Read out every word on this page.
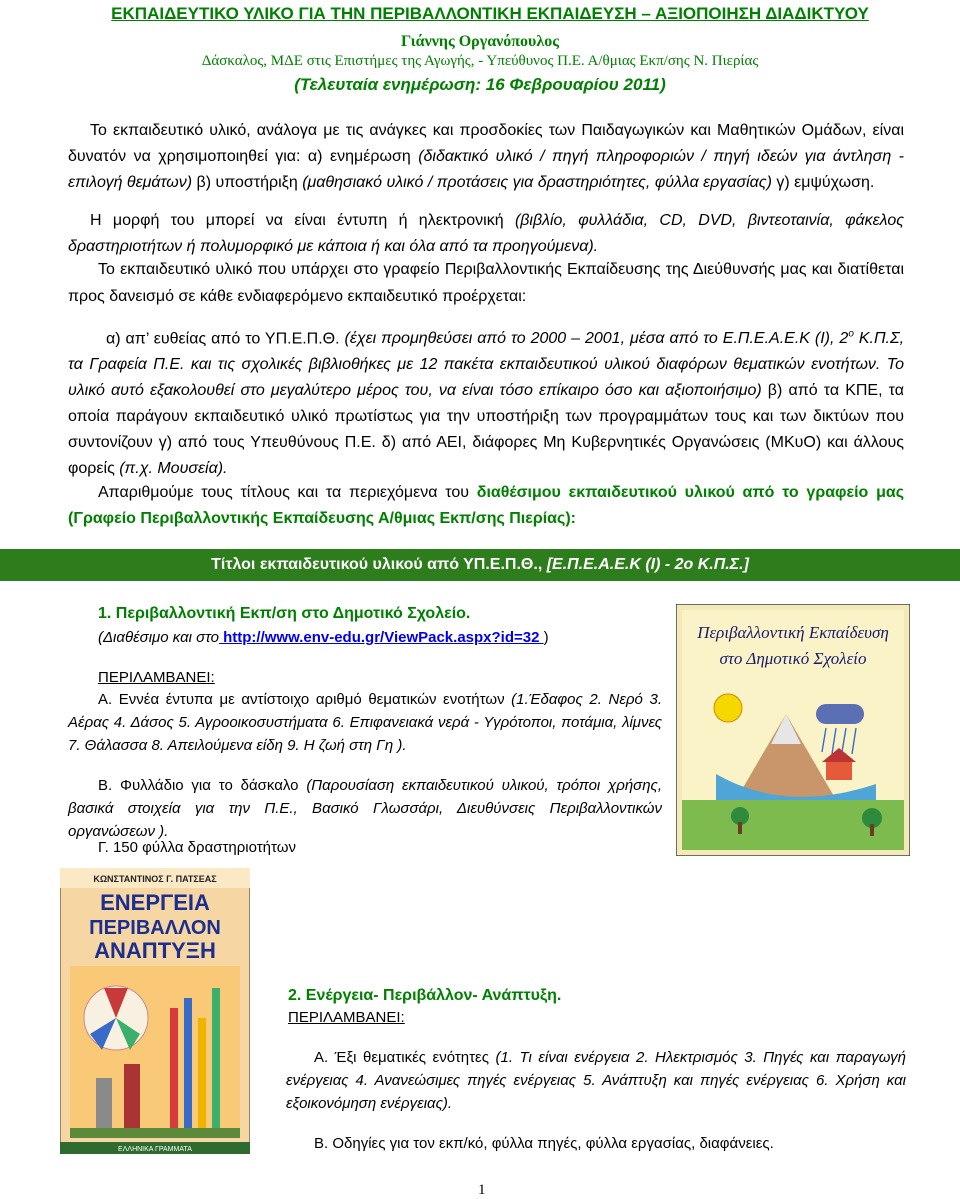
ΕΚΠΑΙΔΕΥΤΙΚΟ ΥΛΙΚΟ ΓΙΑ ΤΗΝ ΠΕΡΙΒΑΛΛΟΝΤΙΚΗ ΕΚΠΑΙΔΕΥΣΗ – ΑΞΙΟΠΟΙΗΣΗ ΔΙΑΔΙΚΤΥΟΥ
Γιάννης Οργανόπουλος
Δάσκαλος, ΜΔΕ στις Επιστήμες της Αγωγής, - Υπεύθυνος Π.Ε. Α/θμιας Εκπ/σης Ν. Πιερίας
(Τελευταία ενημέρωση: 16 Φεβρουαρίου 2011)
Το εκπαιδευτικό υλικό, ανάλογα με τις ανάγκες και προσδοκίες των Παιδαγωγικών και Μαθητικών Ομάδων, είναι δυνατόν να χρησιμοποιηθεί για: α) ενημέρωση (διδακτικό υλικό / πηγή πληροφοριών / πηγή ιδεών για άντληση - επιλογή θεμάτων) β) υποστήριξη (μαθησιακό υλικό / προτάσεις για δραστηριότητες, φύλλα εργασίας) γ) εμψύχωση.
Η μορφή του μπορεί να είναι έντυπη ή ηλεκτρονική (βιβλίο, φυλλάδια, CD, DVD, βιντεοταινία, φάκελος δραστηριοτήτων ή πολυμορφικό με κάποια ή και όλα από τα προηγούμενα).
Το εκπαιδευτικό υλικό που υπάρχει στο γραφείο Περιβαλλοντικής Εκπαίδευσης της Διεύθυνσής μας και διατίθεται προς δανεισμό σε κάθε ενδιαφερόμενο εκπαιδευτικό προέρχεται:
α) απ’ ευθείας από το ΥΠ.Ε.Π.Θ. (έχει προμηθεύσει από το 2000 – 2001, μέσα από το Ε.Π.Ε.Α.Ε.Κ (Ι), $2^o$ Κ.Π.Σ, τα Γραφεία Π.Ε. και τις σχολικές βιβλιοθήκες με 12 πακέτα εκπαιδευτικού υλικού διαφόρων θεματικών ενοτήτων. Το υλικό αυτό εξακολουθεί στο μεγαλύτερο μέρος του, να είναι τόσο επίκαιρο όσο και αξιοποιήσιμο) β) από τα ΚΠΕ, τα οποία παράγουν εκπαιδευτικό υλικό πρωτίστως για την υποστήριξη των προγραμμάτων τους και των δικτύων που συντονίζουν γ) από τους Υπευθύνους Π.Ε. δ) από ΑΕΙ, διάφορες Μη Κυβερνητικές Οργανώσεις (ΜΚυΟ) και άλλους φορείς (π.χ. Μουσεία).
Απαριθμούμε τους τίτλους και τα περιεχόμενα του διαθέσιμου εκπαιδευτικού υλικού από το γραφείο μας (Γραφείο Περιβαλλοντικής Εκπαίδευσης Α/θμιας Εκπ/σης Πιερίας):
Τίτλοι εκπαιδευτικού υλικού από ΥΠ.Ε.Π.Θ., [Ε.Π.Ε.Α.Ε.Κ (Ι) - 2ο Κ.Π.Σ.]
1. Περιβαλλοντική Εκπ/ση στο Δημοτικό Σχολείο.
(Διαθέσιμο και στο http://www.env-edu.gr/ViewPack.aspx?id=32 )
ΠΕΡΙΛΑΜΒΑΝΕΙ:
Α. Εννέα έντυπα με αντίστοιχο αριθμό θεματικών ενοτήτων (1.Έδαφος 2. Νερό 3. Αέρας 4. Δάσος 5. Αγροοικοσυστήματα 6. Επιφανειακά νερά - Υγρότοποι, ποτάμια, λίμνες 7. Θάλασσα 8. Απειλούμενα είδη 9. Η ζωή στη Γη ).
Β. Φυλλάδιο για το δάσκαλο (Παρουσίαση εκπαιδευτικού υλικού, τρόποι χρήσης, βασικά στοιχεία για την Π.Ε., Βασικό Γλωσσάρι, Διευθύνσεις Περιβαλλοντικών οργανώσεων ).
Γ. 150 φύλλα δραστηριοτήτων
Περιβαλλοντική Εκπαίδευση
στο Δημοτικό Σχολείο
ΚΩΝΣΤΑΝΤΙΝΟΣ Γ. ΠΑΤΣΕΑΣ
ΕΝΕΡΓΕΙΑ
ΠΕΡΙΒΑΛΛΟΝ
ΑΝΑΠΤΥΞΗ
ΕΛΛΗΝΙΚΑ ΓΡΑΜΜΑΤΑ
2. Ενέργεια- Περιβάλλον- Ανάπτυξη.
ΠΕΡΙΛΑΜΒΑΝΕΙ:
Α. Έξι θεματικές ενότητες (1. Τι είναι ενέργεια 2. Ηλεκτρισμός 3. Πηγές και παραγωγή ενέργειας 4. Ανανεώσιμες πηγές ενέργειας 5. Ανάπτυξη και πηγές ενέργειας 6. Χρήση και εξοικονόμηση ενέργειας).
Β. Οδηγίες για τον εκπ/κό, φύλλα πηγές, φύλλα εργασίας, διαφάνειες.
1
